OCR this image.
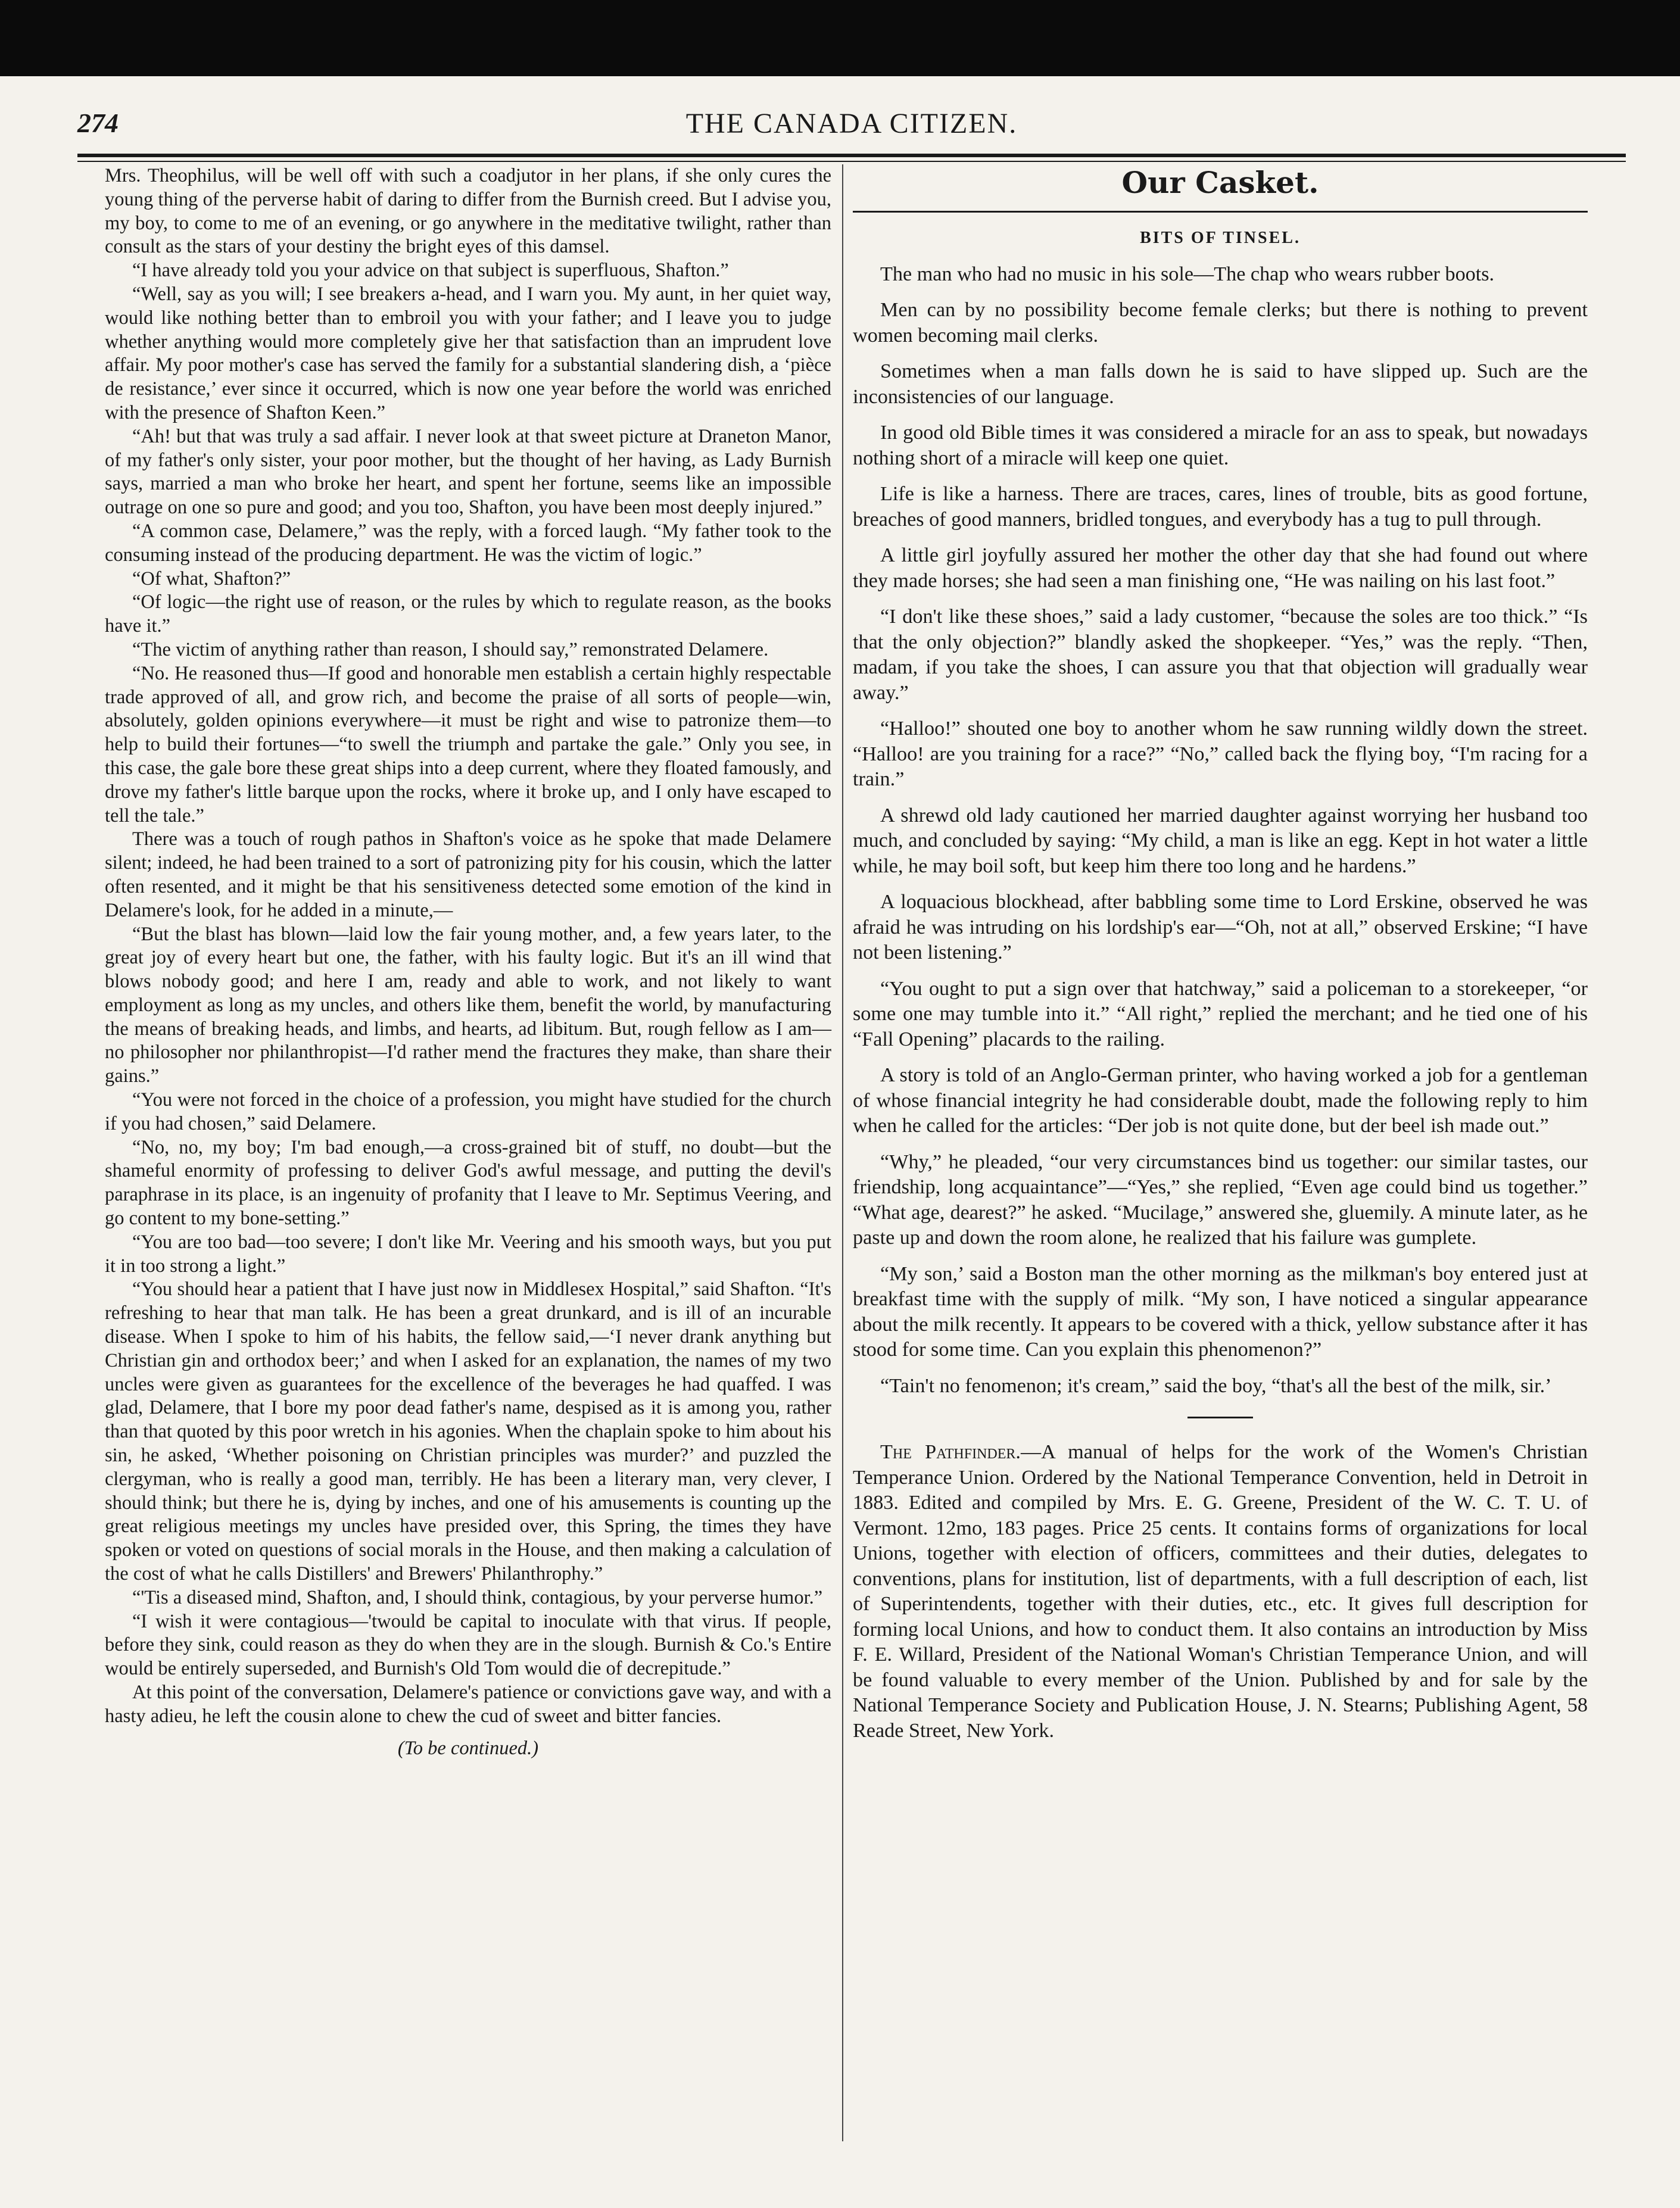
THE CANADA CITIZEN.
274

Mrs. Theophilus, will be well off with such a coadjutor in her plans, if she only cures the young thing of the perverse habit of daring to differ from the Burnish creed. But I advise you, my boy, to come to me of an evening, or go anywhere in the meditative twilight, rather than consult as the stars of your destiny the bright eyes of this damsel.

“I have already told you your advice on that subject is superfluous, Shafton.”

“Well, say as you will; I see breakers a-head, and I warn you. My aunt, in her quiet way, would like nothing better than to embroil you with your father; and I leave you to judge whether anything would more completely give her that satisfaction than an imprudent love affair. My poor mother's case has served the family for a substantial slandering dish, a ‘pièce de resistance,’ ever since it occurred, which is now one year before the world was enriched with the presence of Shafton Keen.”

“Ah! but that was truly a sad affair. I never look at that sweet picture at Draneton Manor, of my father's only sister, your poor mother, but the thought of her having, as Lady Burnish says, married a man who broke her heart, and spent her fortune, seems like an impossible outrage on one so pure and good; and you too, Shafton, you have been most deeply injured.”

“A common case, Delamere,” was the reply, with a forced laugh. “My father took to the consuming instead of the producing department. He was the victim of logic.”

“Of what, Shafton?”

“Of logic—the right use of reason, or the rules by which to regulate reason, as the books have it.”

“The victim of anything rather than reason, I should say,” remonstrated Delamere.

“No. He reasoned thus—If good and honorable men establish a certain highly respectable trade approved of all, and grow rich, and become the praise of all sorts of people—win, absolutely, golden opinions everywhere—it must be right and wise to patronize them—to help to build their fortunes—“to swell the triumph and partake the gale.” Only you see, in this case, the gale bore these great ships into a deep current, where they floated famously, and drove my father's little barque upon the rocks, where it broke up, and I only have escaped to tell the tale.”

There was a touch of rough pathos in Shafton's voice as he spoke that made Delamere silent; indeed, he had been trained to a sort of patronizing pity for his cousin, which the latter often resented, and it might be that his sensitiveness detected some emotion of the kind in Delamere's look, for he added in a minute,—

“But the blast has blown—laid low the fair young mother, and, a few years later, to the great joy of every heart but one, the father, with his faulty logic. But it's an ill wind that blows nobody good; and here I am, ready and able to work, and not likely to want employment as long as my uncles, and others like them, benefit the world, by manufacturing the means of breaking heads, and limbs, and hearts, ad libitum. But, rough fellow as I am—no philosopher nor philanthropist—I'd rather mend the fractures they make, than share their gains.”

“You were not forced in the choice of a profession, you might have studied for the church if you had chosen,” said Delamere.

“No, no, my boy; I'm bad enough,—a cross-grained bit of stuff, no doubt—but the shameful enormity of professing to deliver God's awful message, and putting the devil's paraphrase in its place, is an ingenuity of profanity that I leave to Mr. Septimus Veering, and go content to my bone-setting.”

“You are too bad—too severe; I don't like Mr. Veering and his smooth ways, but you put it in too strong a light.”

“You should hear a patient that I have just now in Middlesex Hospital,” said Shafton. “It's refreshing to hear that man talk. He has been a great drunkard, and is ill of an incurable disease. When I spoke to him of his habits, the fellow said,—‘I never drank anything but Christian gin and orthodox beer;’ and when I asked for an explanation, the names of my two uncles were given as guarantees for the excellence of the beverages he had quaffed. I was glad, Delamere, that I bore my poor dead father's name, despised as it is among you, rather than that quoted by this poor wretch in his agonies. When the chaplain spoke to him about his sin, he asked, ‘Whether poisoning on Christian principles was murder?’ and puzzled the clergyman, who is really a good man, terribly. He has been a literary man, very clever, I should think; but there he is, dying by inches, and one of his amusements is counting up the great religious meetings my uncles have presided over, this Spring, the times they have spoken or voted on questions of social morals in the House, and then making a calculation of the cost of what he calls Distillers' and Brewers' Philanthrophy.”

“'Tis a diseased mind, Shafton, and, I should think, contagious, by your perverse humor.”

“I wish it were contagious—'twould be capital to inoculate with that virus. If people, before they sink, could reason as they do when they are in the slough. Burnish & Co.'s Entire would be entirely superseded, and Burnish's Old Tom would die of decrepitude.”

At this point of the conversation, Delamere's patience or convictions gave way, and with a hasty adieu, he left the cousin alone to chew the cud of sweet and bitter fancies.

(To be continued.)

Our Casket.
BITS OF TINSEL.

The man who had no music in his sole—The chap who wears rubber boots.

Men can by no possibility become female clerks; but there is nothing to prevent women becoming mail clerks.

Sometimes when a man falls down he is said to have slipped up. Such are the inconsistencies of our language.

In good old Bible times it was considered a miracle for an ass to speak, but nowadays nothing short of a miracle will keep one quiet.

Life is like a harness. There are traces, cares, lines of trouble, bits as good fortune, breaches of good manners, bridled tongues, and everybody has a tug to pull through.

A little girl joyfully assured her mother the other day that she had found out where they made horses; she had seen a man finishing one, “He was nailing on his last foot.”

“I don't like these shoes,” said a lady customer, “because the soles are too thick.” “Is that the only objection?” blandly asked the shopkeeper. “Yes,” was the reply. “Then, madam, if you take the shoes, I can assure you that that objection will gradually wear away.”

“Halloo!” shouted one boy to another whom he saw running wildly down the street. “Halloo! are you training for a race?” “No,” called back the flying boy, “I'm racing for a train.”

A shrewd old lady cautioned her married daughter against worrying her husband too much, and concluded by saying: “My child, a man is like an egg. Kept in hot water a little while, he may boil soft, but keep him there too long and he hardens.”

A loquacious blockhead, after babbling some time to Lord Erskine, observed he was afraid he was intruding on his lordship's ear—“Oh, not at all,” observed Erskine; “I have not been listening.”

“You ought to put a sign over that hatchway,” said a policeman to a storekeeper, “or some one may tumble into it.” “All right,” replied the merchant; and he tied one of his “Fall Opening” placards to the railing.

A story is told of an Anglo-German printer, who having worked a job for a gentleman of whose financial integrity he had considerable doubt, made the following reply to him when he called for the articles: “Der job is not quite done, but der beel ish made out.”

“Why,” he pleaded, “our very circumstances bind us together: our similar tastes, our friendship, long acquaintance”—“Yes,” she replied, “Even age could bind us together.” “What age, dearest?” he asked. “Mucilage,” answered she, gluemily. A minute later, as he paste up and down the room alone, he realized that his failure was gumplete.

“My son,’ said a Boston man the other morning as the milkman's boy entered just at breakfast time with the supply of milk. “My son, I have noticed a singular appearance about the milk recently. It appears to be covered with a thick, yellow substance after it has stood for some time. Can you explain this phenomenon?”

“Tain't no fenomenon; it's cream,” said the boy, “that's all the best of the milk, sir.’

The Pathfinder.—A manual of helps for the work of the Women's Christian Temperance Union. Ordered by the National Temperance Convention, held in Detroit in 1883. Edited and compiled by Mrs. E. G. Greene, President of the W. C. T. U. of Vermont. 12mo, 183 pages. Price 25 cents. It contains forms of organizations for local Unions, together with election of officers, committees and their duties, delegates to conventions, plans for institution, list of departments, with a full description of each, list of Superintendents, together with their duties, etc., etc. It gives full description for forming local Unions, and how to conduct them. It also contains an introduction by Miss F. E. Willard, President of the National Woman's Christian Temperance Union, and will be found valuable to every member of the Union. Published by and for sale by the National Temperance Society and Publication House, J. N. Stearns; Publishing Agent, 58 Reade Street, New York.
